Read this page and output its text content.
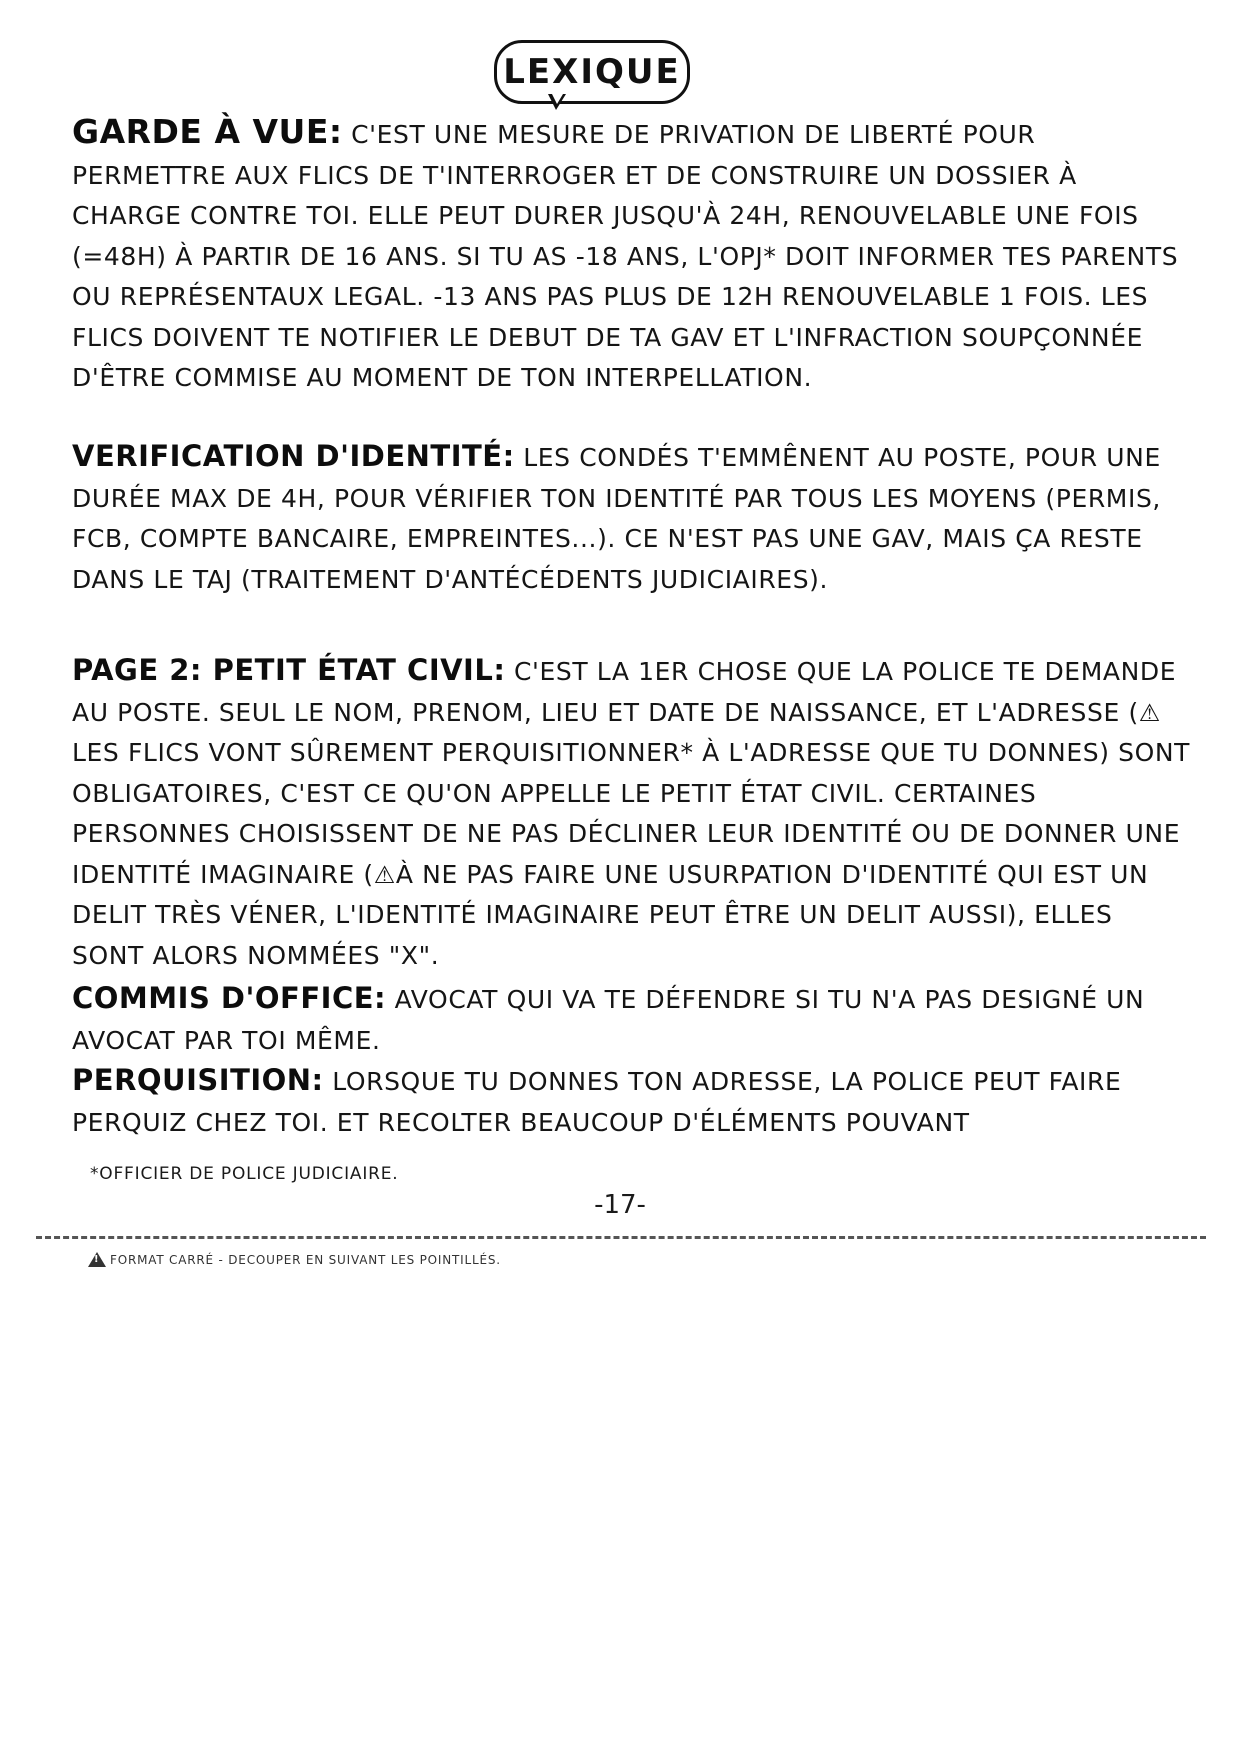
LEXIQUE

GARDE À VUE: C'EST UNE MESURE DE PRIVATION DE LIBERTÉ POUR PERMETTRE AUX FLICS DE T'INTERROGER ET DE CONSTRUIRE UN DOSSIER À CHARGE CONTRE TOI. ELLE PEUT DURER JUSQU'À 24H, RENOUVELABLE UNE FOIS (=48H) À PARTIR DE 16 ANS. SI TU AS -18 ANS, L'OPJ* DOIT INFORMER TES PARENTS OU REPRÉSENTAUX LEGAL. -13 ANS PAS PLUS DE 12H RENOUVELABLE 1 FOIS. LES FLICS DOIVENT TE NOTIFIER LE DEBUT DE TA GAV ET L'INFRACTION SOUPÇONNÉE D'ÊTRE COMMISE AU MOMENT DE TON INTERPELLATION.

VERIFICATION D'IDENTITÉ: LES CONDÉS T'EMMÊNENT AU POSTE, POUR UNE DURÉE MAX DE 4H, POUR VÉRIFIER TON IDENTITÉ PAR TOUS LES MOYENS (PERMIS, FCB, COMPTE BANCAIRE, EMPREINTES...). CE N'EST PAS UNE GAV, MAIS ÇA RESTE DANS LE TAJ (TRAITEMENT D'ANTÉCÉDENTS JUDICIAIRES).

PAGE 2: PETIT ÉTAT CIVIL: C'EST LA 1ER CHOSE QUE LA POLICE TE DEMANDE AU POSTE. SEUL LE NOM, PRENOM, LIEU ET DATE DE NAISSANCE, ET L'ADRESSE (⚠ LES FLICS VONT SÛREMENT PERQUISITIONNER* À L'ADRESSE QUE TU DONNES) SONT OBLIGATOIRES, C'EST CE QU'ON APPELLE LE PETIT ÉTAT CIVIL. CERTAINES PERSONNES CHOISISSENT DE NE PAS DÉCLINER LEUR IDENTITÉ OU DE DONNER UNE IDENTITÉ IMAGINAIRE (⚠À NE PAS FAIRE UNE USURPATION D'IDENTITÉ QUI EST UN DELIT TRÈS VÉNER, L'IDENTITÉ IMAGINAIRE PEUT ÊTRE UN DELIT AUSSI), ELLES SONT ALORS NOMMÉES "X".

COMMIS D'OFFICE: AVOCAT QUI VA TE DÉFENDRE SI TU N'A PAS DESIGNÉ UN AVOCAT PAR TOI MÊME.

PERQUISITION: LORSQUE TU DONNES TON ADRESSE, LA POLICE PEUT FAIRE PERQUIZ CHEZ TOI. ET RECOLTER BEAUCOUP D'ÉLÉMENTS POUVANT

*OFFICIER DE POLICE JUDICIAIRE.

-17-

!
FORMAT CARRÉ - DECOUPER EN SUIVANT LES POINTILLÉS.
